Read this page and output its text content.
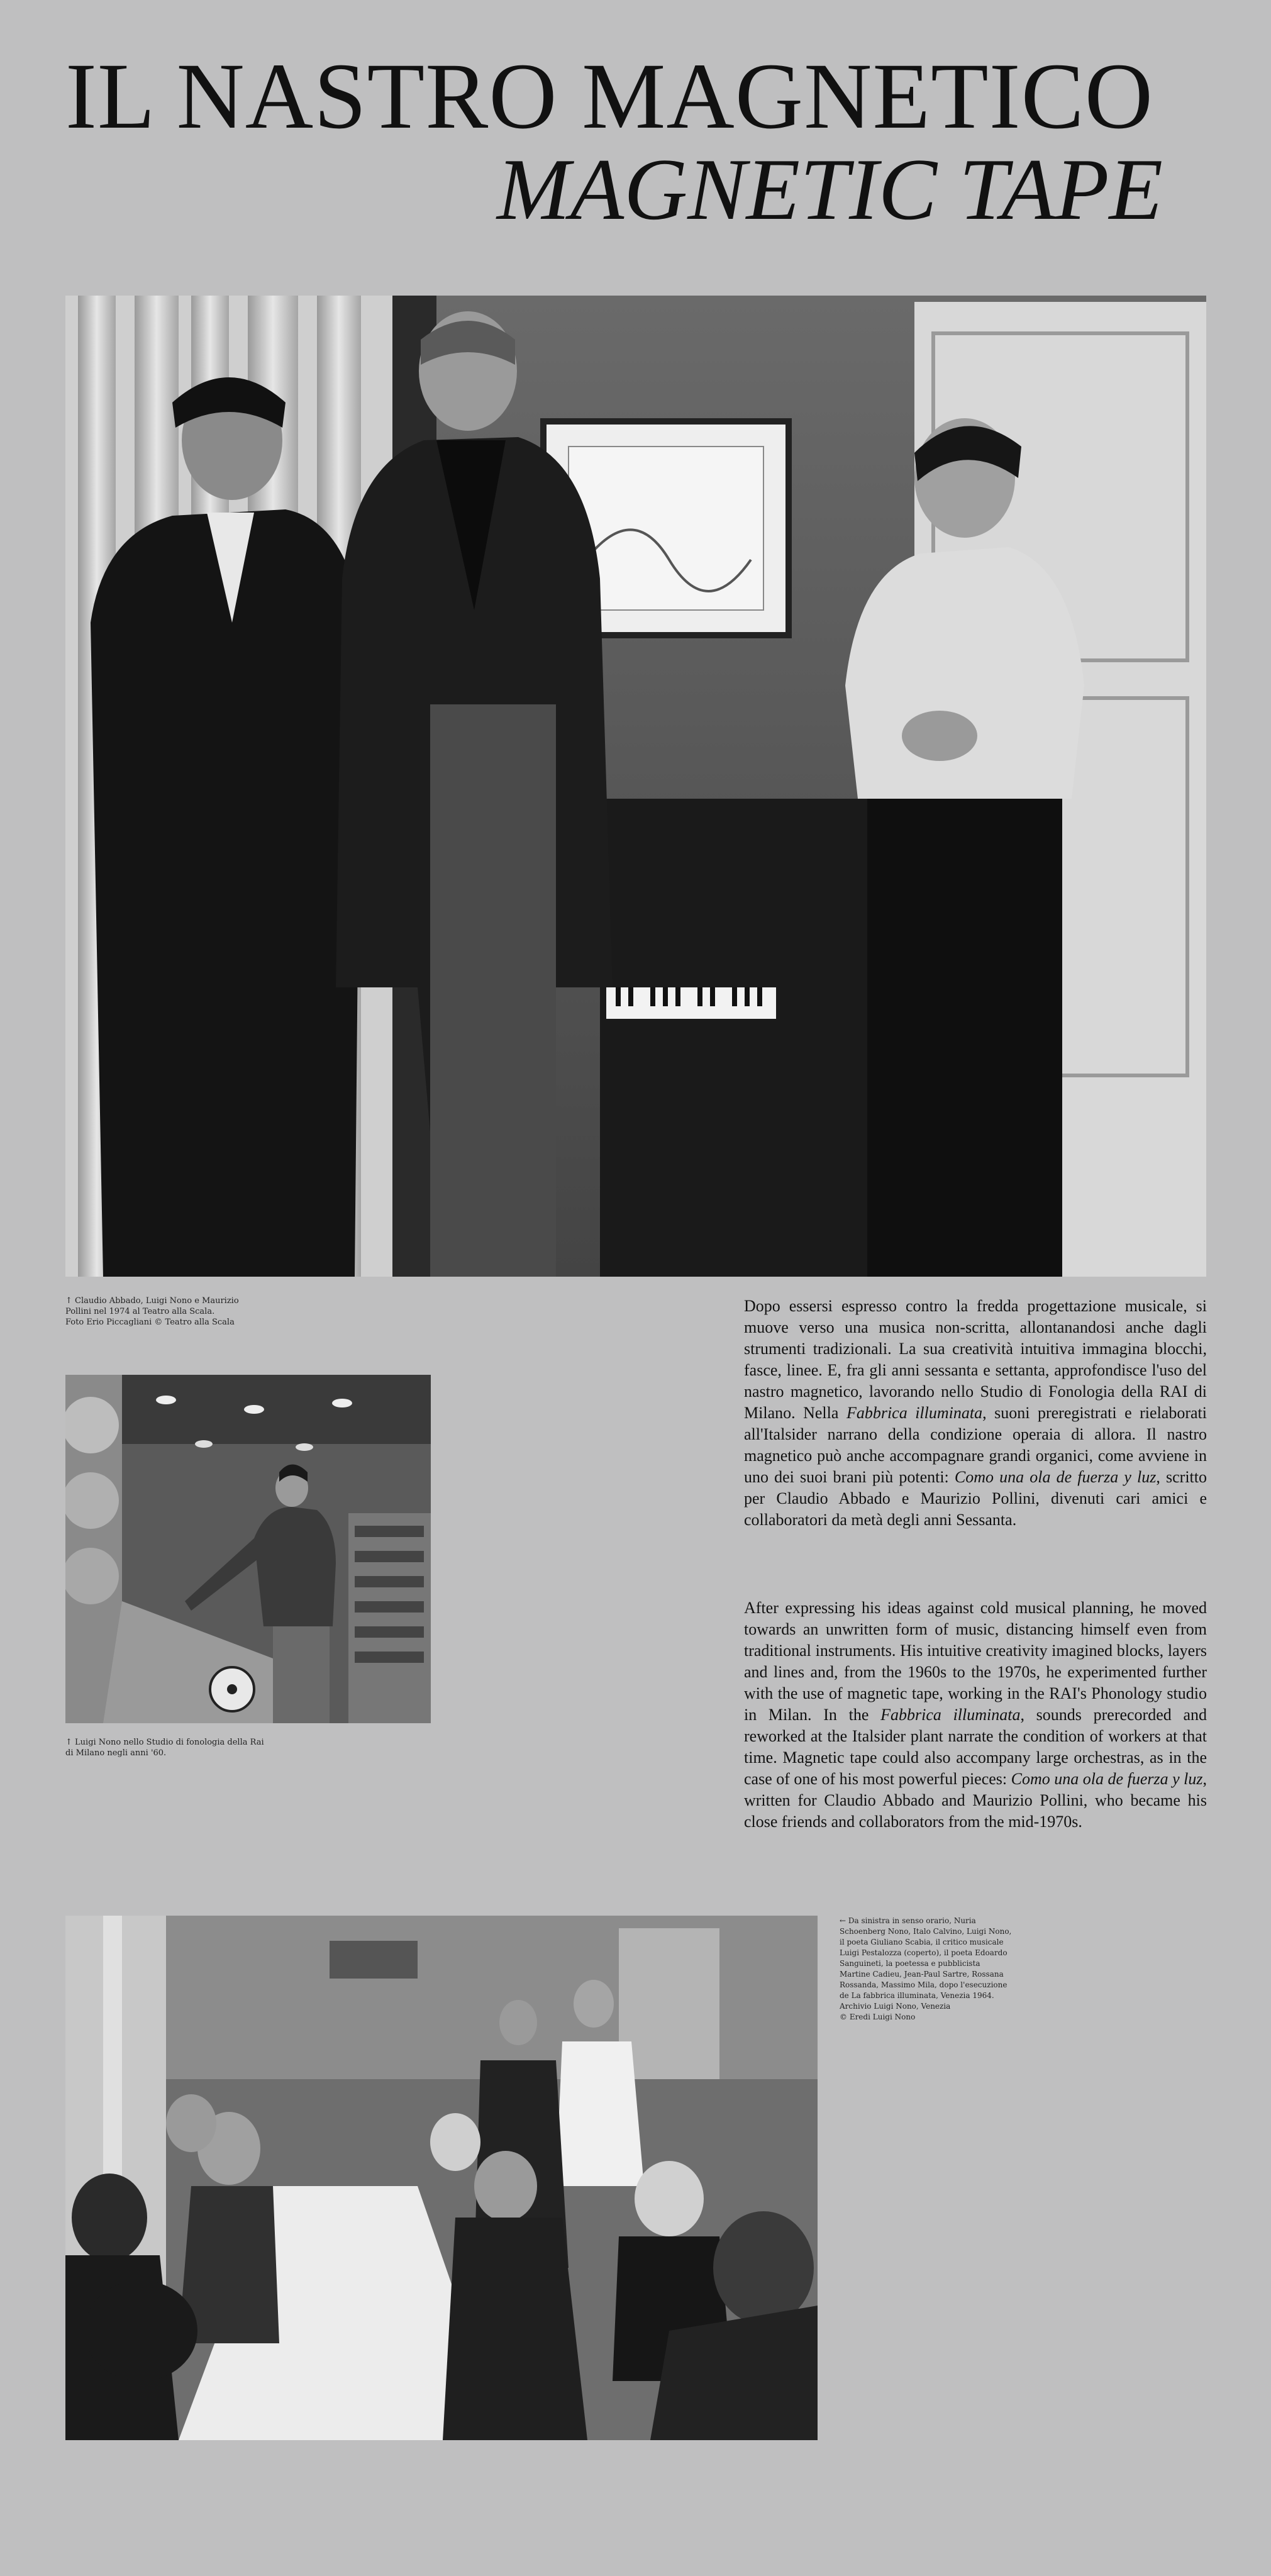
IL NASTRO MAGNETICO
MAGNETIC TAPE
↑ Claudio Abbado, Luigi Nono e Maurizio
Pollini nel 1974 al Teatro alla Scala.
Foto Erio Piccagliani © Teatro alla Scala
↑ Luigi Nono nello Studio di fonologia della Rai
di Milano negli anni '60.

Dopo essersi espresso contro la fredda progettazione musicale, si muove verso una musica non-scritta, allontanandosi anche dagli strumenti tradizionali. La sua creatività intuitiva immagina blocchi, fasce, linee. E, fra gli anni sessanta e settanta, approfondisce l'uso del nastro magnetico, lavorando nello Studio di Fonologia della RAI di Milano. Nella Fabbrica illuminata, suoni preregistrati e rielaborati all'Italsider narrano della condizione operaia di allora. Il nastro magnetico può anche accompagnare grandi organici, come avviene in uno dei suoi brani più potenti: Como una ola de fuerza y luz, scritto per Claudio Abbado e Maurizio Pollini, divenuti cari amici e collaboratori da metà degli anni Sessanta.

After expressing his ideas against cold musical planning, he moved towards an unwritten form of music, distancing himself even from traditional instruments. His intuitive creativity imagined blocks, layers and lines and, from the 1960s to the 1970s, he experimented further with the use of magnetic tape, working in the RAI's Phonology studio in Milan. In the Fabbrica illuminata, sounds prerecorded and reworked at the Italsider plant narrate the condition of workers at that time. Magnetic tape could also accompany large orchestras, as in the case of one of his most powerful pieces: Como una ola de fuerza y luz, written for Claudio Abbado and Maurizio Pollini, who became his close friends and collaborators from the mid-1970s.

← Da sinistra in senso orario, Nuria
Schoenberg Nono, Italo Calvino, Luigi Nono,
il poeta Giuliano Scabia, il critico musicale
Luigi Pestalozza (coperto), il poeta Edoardo
Sanguineti, la poetessa e pubblicista
Martine Cadieu, Jean-Paul Sartre, Rossana
Rossanda, Massimo Mila, dopo l'esecuzione
de La fabbrica illuminata, Venezia 1964.
Archivio Luigi Nono, Venezia
© Eredi Luigi Nono
